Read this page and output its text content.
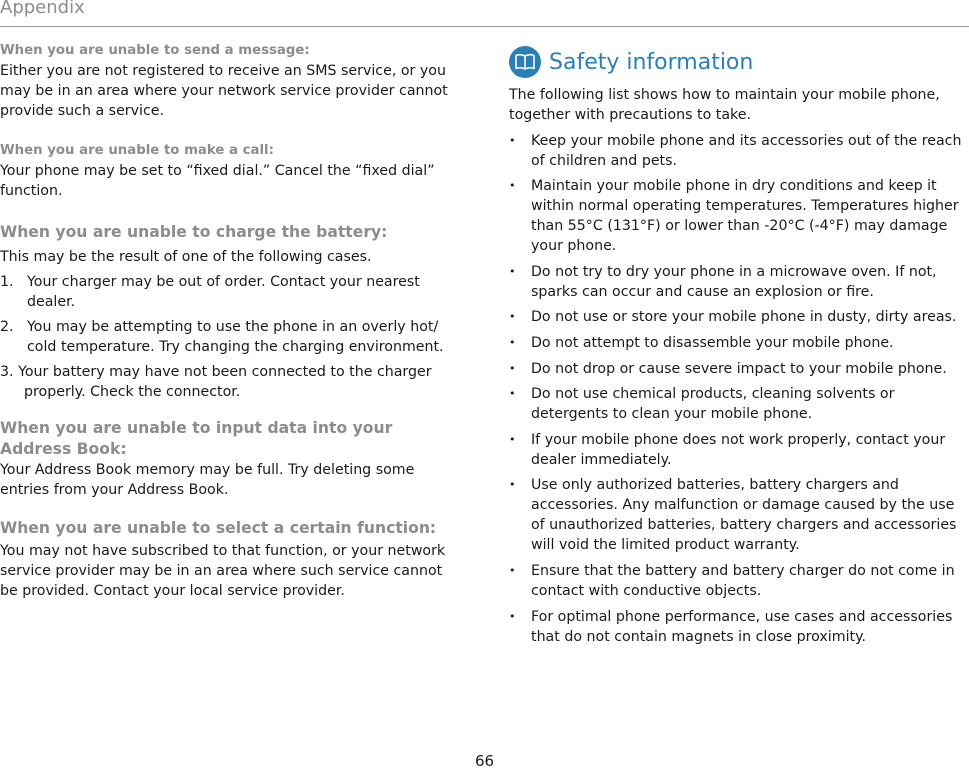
Appendix

When you are unable to send a message:

Either you are not registered to receive an SMS service, or you may be in an area where your network service provider cannot provide such a service.

When you are unable to make a call:

Your phone may be set to “fixed dial.” Cancel the “fixed dial” function.

When you are unable to charge the battery:

This may be the result of one of the following cases.

1. Your charger may be out of order. Contact your nearest dealer.
2. You may be attempting to use the phone in an overly hot/ cold temperature. Try changing the charging environment.
3. Your battery may have not been connected to the charger properly. Check the connector.

When you are unable to input data into your Address Book:

Your Address Book memory may be full. Try deleting some entries from your Address Book.

When you are unable to select a certain function:

You may not have subscribed to that function, or your network service provider may be in an area where such service cannot be provided. Contact your local service provider.

Safety information

The following list shows how to maintain your mobile phone, together with precautions to take.

• Keep your mobile phone and its accessories out of the reach of children and pets.
• Maintain your mobile phone in dry conditions and keep it within normal operating temperatures. Temperatures higher than 55°C (131°F) or lower than -20°C (-4°F) may damage your phone.
• Do not try to dry your phone in a microwave oven. If not, sparks can occur and cause an explosion or fire.
• Do not use or store your mobile phone in dusty, dirty areas.
• Do not attempt to disassemble your mobile phone.
• Do not drop or cause severe impact to your mobile phone.
• Do not use chemical products, cleaning solvents or detergents to clean your mobile phone.
• If your mobile phone does not work properly, contact your dealer immediately.
• Use only authorized batteries, battery chargers and accessories. Any malfunction or damage caused by the use of unauthorized batteries, battery chargers and accessories will void the limited product warranty.
• Ensure that the battery and battery charger do not come in contact with conductive objects.
• For optimal phone performance, use cases and accessories that do not contain magnets in close proximity.
66
